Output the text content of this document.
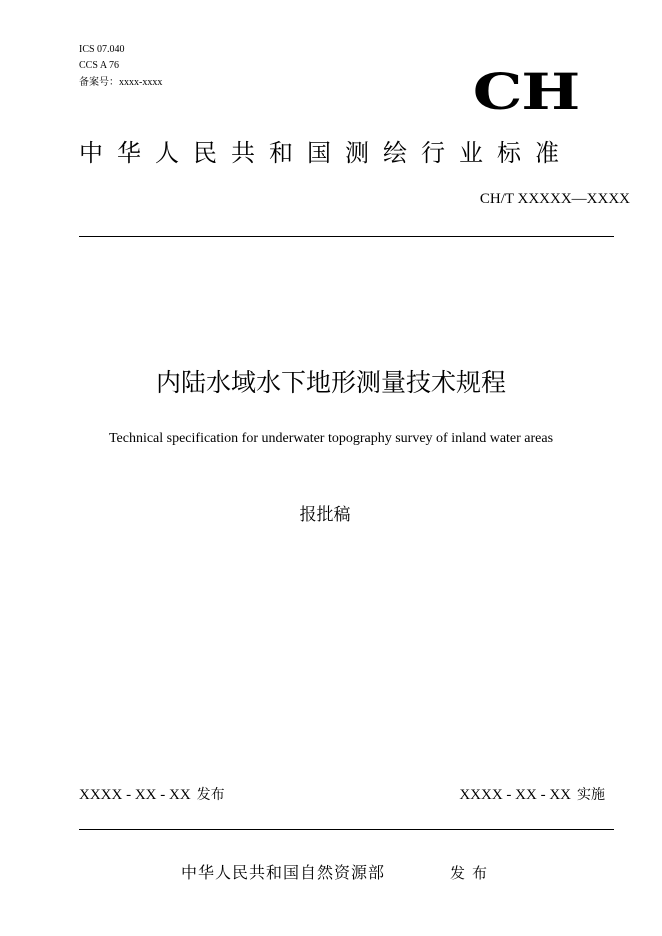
ICS 07.040
CCS A 76
备案号：xxxx-xxxx	CH
中华人民共和国测绘行业标准
CH/T XXXXX—XXXX
内陆水域水下地形测量技术规程
Technical specification for underwater topography survey of inland water areas
报批稿
XXXX - XX - XX 发布	XXXX - XX - XX 实施
中华人民共和国自然资源部	发布
